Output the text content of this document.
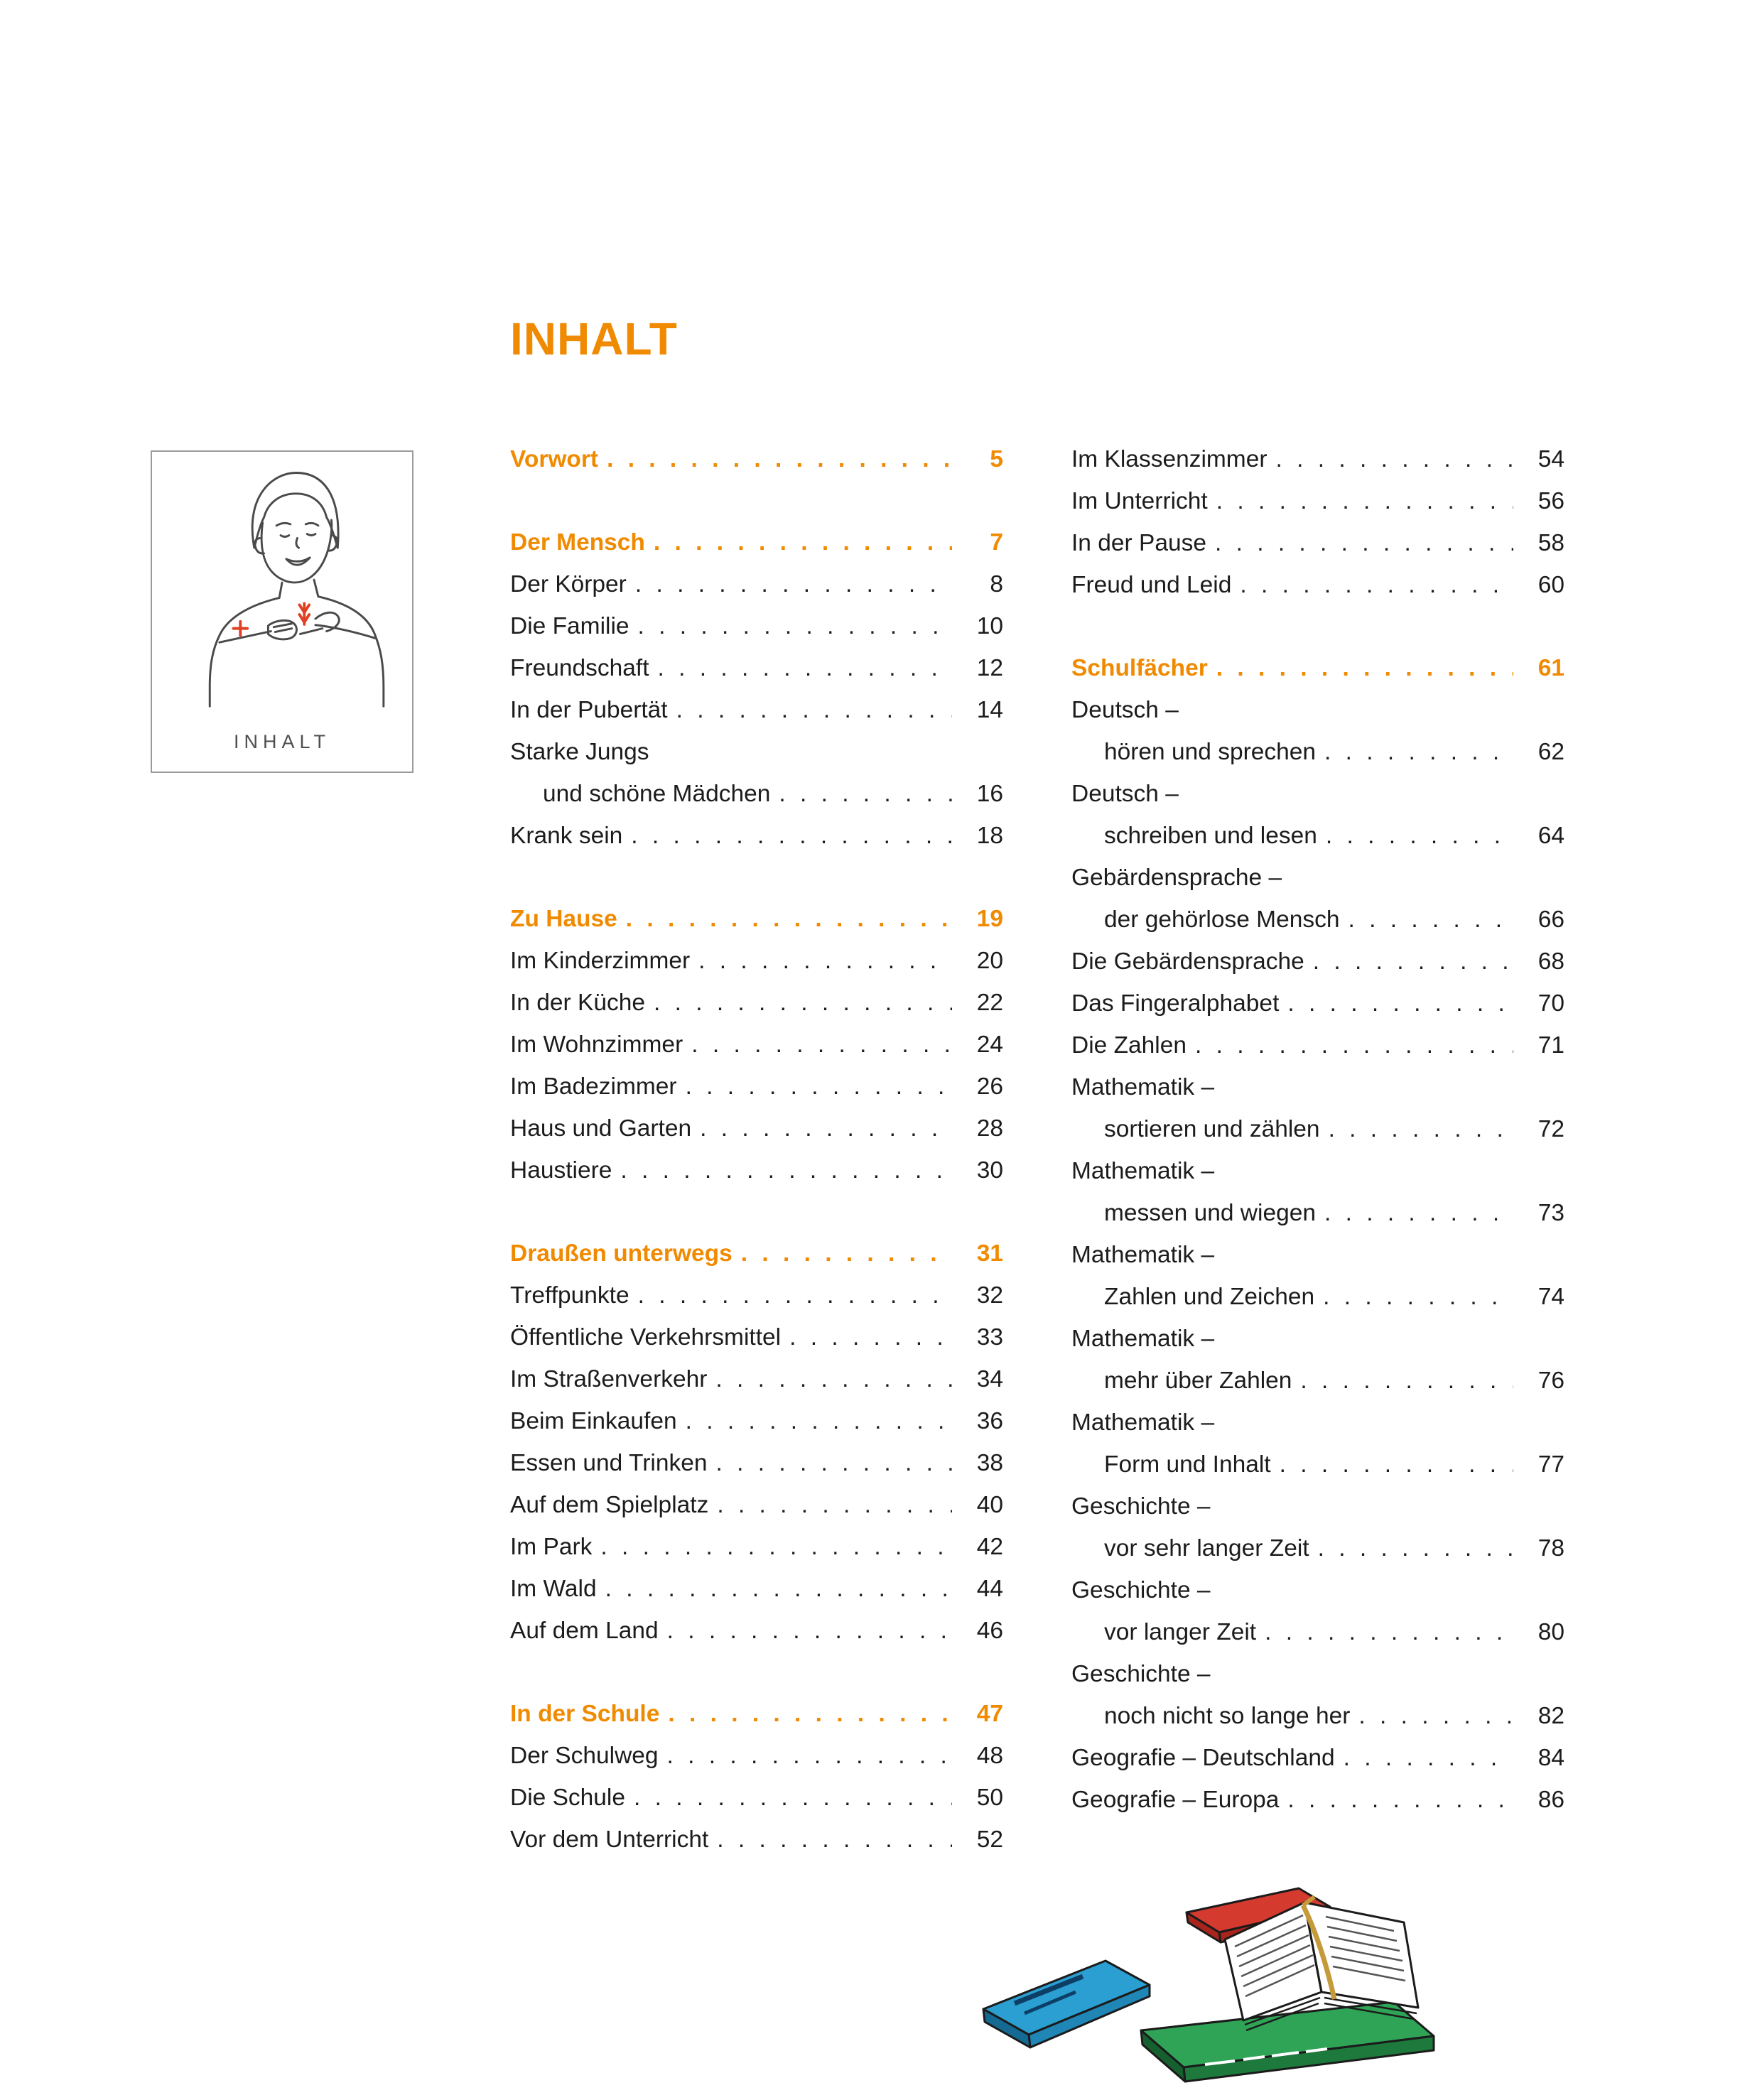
INHALT
INHALT
Vorwort . . .	5
Der Mensch . . .	7
Der Körper . . .	8
Die Familie . . .	10
Freundschaft . . .	12
In der Pubertät . . .	14
Starke Jungs
und schöne Mädchen . . .	16
Krank sein . . .	18
Zu Hause . . .	19
Im Kinderzimmer . . .	20
In der Küche . . .	22
Im Wohnzimmer . . .	24
Im Badezimmer . . .	26
Haus und Garten . . .	28
Haustiere . . .	30
Draußen unterwegs . . .	31
Treffpunkte . . .	32
Öffentliche Verkehrsmittel . . .	33
Im Straßenverkehr . . .	34
Beim Einkaufen . . .	36
Essen und Trinken . . .	38
Auf dem Spielplatz . . .	40
Im Park . . .	42
Im Wald . . .	44
Auf dem Land . . .	46
In der Schule . . .	47
Der Schulweg . . .	48
Die Schule . . .	50
Vor dem Unterricht . . .	52
Im Klassenzimmer . . .	54
Im Unterricht . . .	56
In der Pause . . .	58
Freud und Leid . . .	60
Schulfächer . . .	61
Deutsch –
hören und sprechen . . .	62
Deutsch –
schreiben und lesen . . .	64
Gebärdensprache –
der gehörlose Mensch . . .	66
Die Gebärdensprache . . .	68
Das Fingeralphabet . . .	70
Die Zahlen . . .	71
Mathematik –
sortieren und zählen . . .	72
Mathematik –
messen und wiegen . . .	73
Mathematik –
Zahlen und Zeichen . . .	74
Mathematik –
mehr über Zahlen . . .	76
Mathematik –
Form und Inhalt . . .	77
Geschichte –
vor sehr langer Zeit . . .	78
Geschichte –
vor langer Zeit . . .	80
Geschichte –
noch nicht so lange her . . .	82
Geografie – Deutschland . . .	84
Geografie – Europa . . .	86
